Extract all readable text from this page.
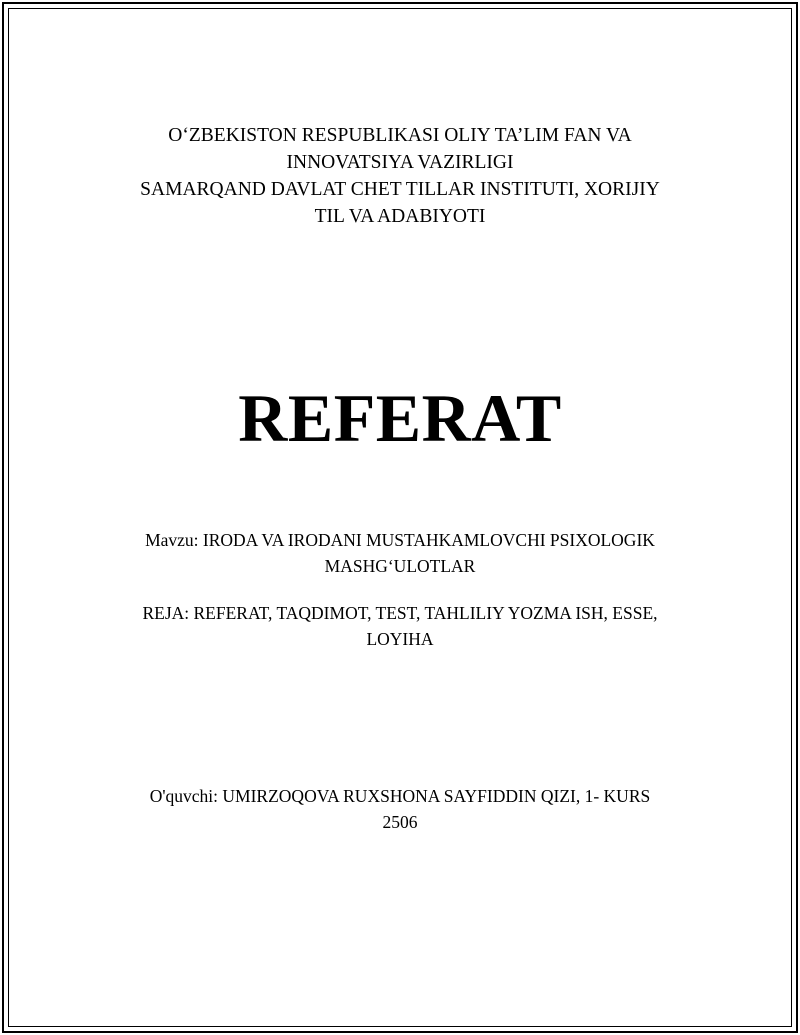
O‘ZBEKISTON RESPUBLIKASI OLIY TA’LIM FAN VA
INNOVATSIYA VAZIRLIGI
SAMARQAND DAVLAT CHET TILLAR INSTITUTI, XORIJIY
TIL VA ADABIYOTI
REFERAT
Mavzu: IRODA VA IRODANI MUSTAHKAMLOVCHI PSIXOLOGIK
MASHG‘ULOTLAR
REJA: REFERAT, TAQDIMOT, TEST, TAHLILIY YOZMA ISH, ESSE,
LOYIHA
O'quvchi: UMIRZOQOVA RUXSHONA SAYFIDDIN QIZI, 1- KURS
2506
